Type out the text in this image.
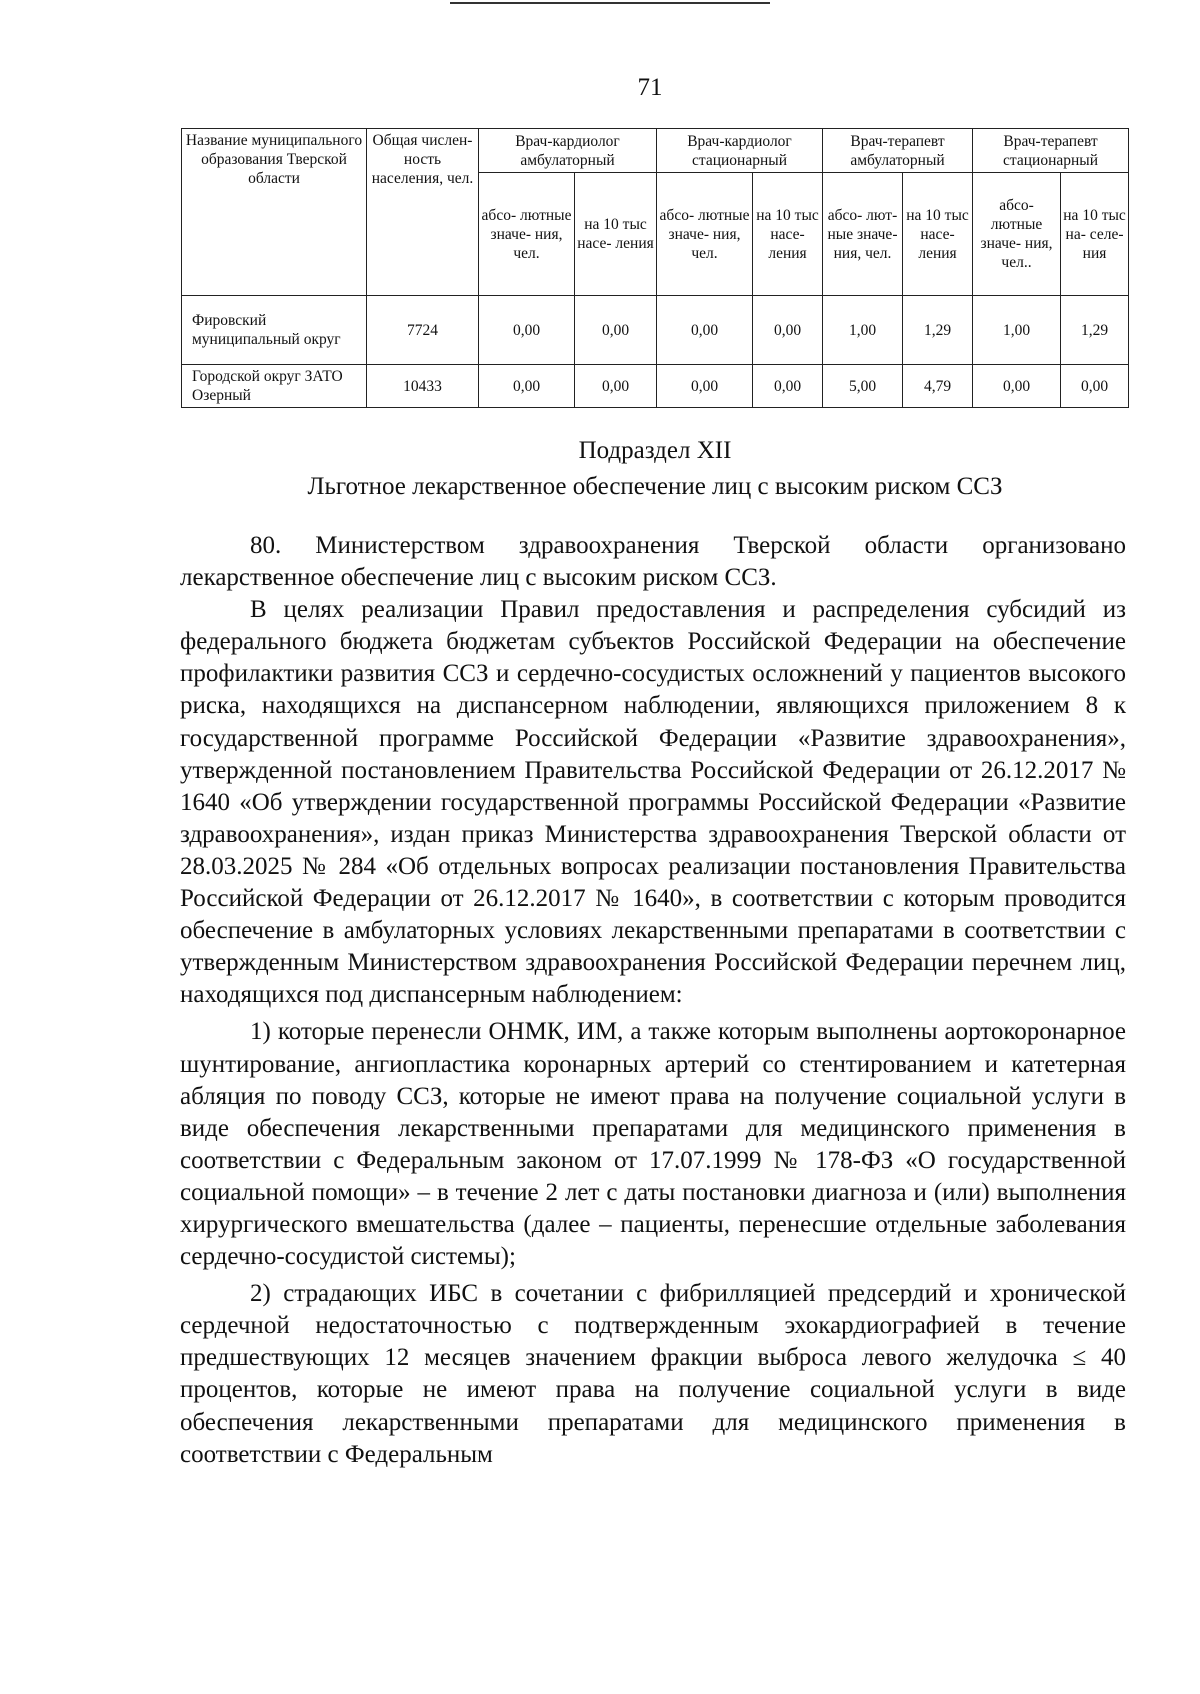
71
Название муниципального образования Тверской области	Общая числен- ность населения, чел.	Врач-кардиолог амбулаторный		Врач-кардиолог стационарный		Врач-терапевт амбулаторный		Врач-терапевт стационарный	
		абсо- лютные значе- ния, чел.	на 10 тыс насе- ления	абсо- лютные значе- ния, чел.	на 10 тыс насе- ления	абсо- лют- ные значе- ния, чел.	на 10 тыс насе- ления	абсо- лютные значе- ния, чел..	на 10 тыс на- селе- ния
Фировский муниципальный округ	7724	0,00	0,00	0,00	0,00	1,00	1,29	1,00	1,29
Городской округ ЗАТО Озерный	10433	0,00	0,00	0,00	0,00	5,00	4,79	0,00	0,00
Подраздел XII
Льготное лекарственное обеспечение лиц с высоким риском ССЗ

80. Министерством здравоохранения Тверской области организовано лекарственное обеспечение лиц с высоким риском ССЗ.

В целях реализации Правил предоставления и распределения субсидий из федерального бюджета бюджетам субъектов Российской Федерации на обеспечение профилактики развития ССЗ и сердечно-сосудистых осложнений у пациентов высокого риска, находящихся на диспансерном наблюдении, являющихся приложением 8 к государственной программе Российской Федерации «Развитие здравоохранения», утвержденной постановлением Правительства Российской Федерации от 26.12.2017 № 1640 «Об утверждении государственной программы Российской Федерации «Развитие здравоохранения», издан приказ Министерства здравоохранения Тверской области от 28.03.2025 № 284 «Об отдельных вопросах реализации постановления Правительства Российской Федерации от 26.12.2017 № 1640», в соответствии с которым проводится обеспечение в амбулаторных условиях лекарственными препаратами в соответствии с утвержденным Министерством здравоохранения Российской Федерации перечнем лиц, находящихся под диспансерным наблюдением:

1) которые перенесли ОНМК, ИМ, а также которым выполнены аортокоронарное шунтирование, ангиопластика коронарных артерий со стентированием и катетерная абляция по поводу ССЗ, которые не имеют права на получение социальной услуги в виде обеспечения лекарственными препаратами для медицинского применения в соответствии с Федеральным законом от 17.07.1999 № 178-ФЗ «О государственной социальной помощи» – в течение 2 лет с даты постановки диагноза и (или) выполнения хирургического вмешательства (далее – пациенты, перенесшие отдельные заболевания сердечно-сосудистой системы);

2) страдающих ИБС в сочетании с фибрилляцией предсердий и хронической сердечной недостаточностью с подтвержденным эхокардиографией в течение предшествующих 12 месяцев значением фракции выброса левого желудочка ≤ 40 процентов, которые не имеют права на получение социальной услуги в виде обеспечения лекарственными препаратами для медицинского применения в соответствии с Федеральным
